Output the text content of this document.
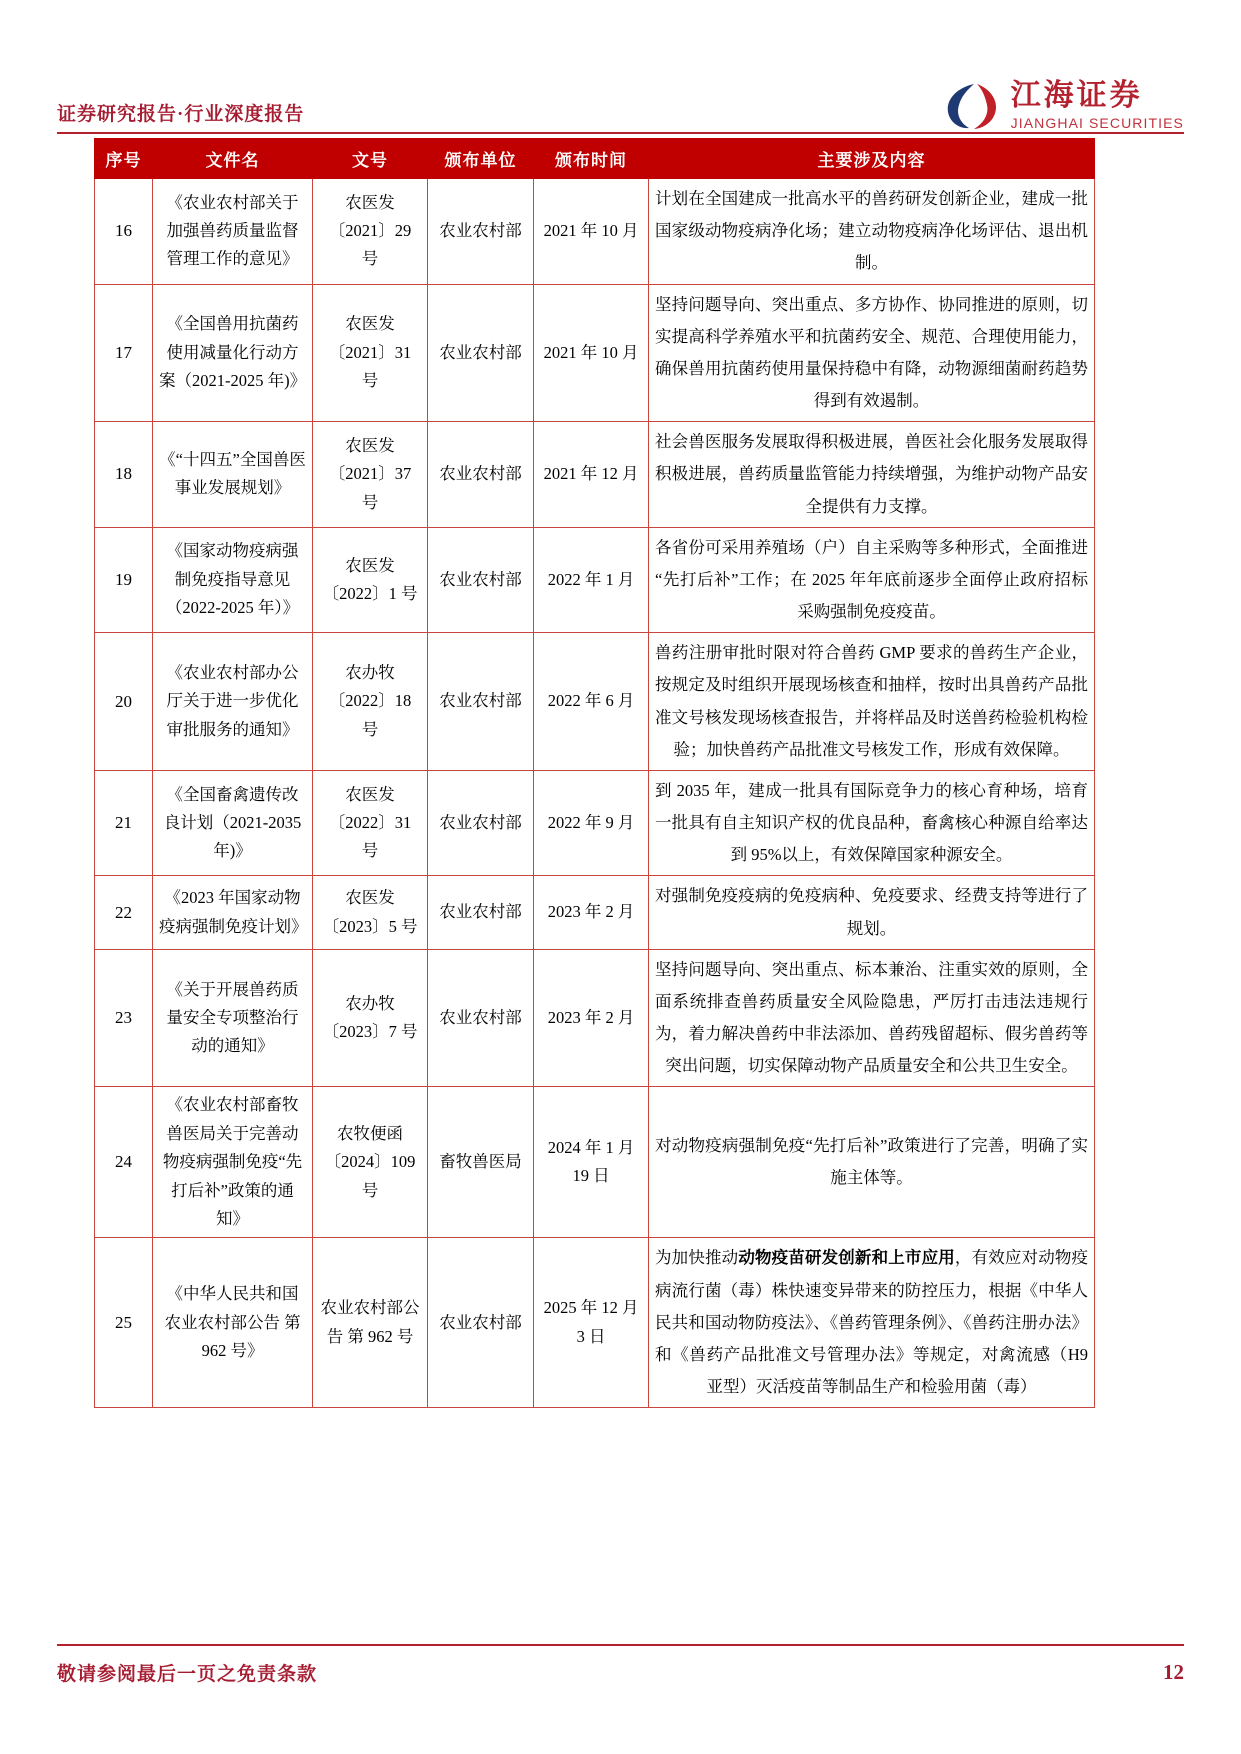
证券研究报告·行业深度报告
江海证券
JIANGHAI SECURITIES
序号	文件名	文号	颁布单位	颁布时间	主要涉及内容
16	《农业农村部关于加强兽药质量监督管理工作的意见》	农医发〔2021〕29 号	农业农村部	2021 年 10 月	计划在全国建成一批高水平的兽药研发创新企业，建成一批国家级动物疫病净化场；建立动物疫病净化场评估、退出机制。
17	《全国兽用抗菌药使用减量化行动方案（2021-2025 年)》	农医发〔2021〕31 号	农业农村部	2021 年 10 月	坚持问题导向、突出重点、多方协作、协同推进的原则，切实提高科学养殖水平和抗菌药安全、规范、合理使用能力，确保兽用抗菌药使用量保持稳中有降，动物源细菌耐药趋势得到有效遏制。
18	《“十四五”全国兽医事业发展规划》	农医发〔2021〕37 号	农业农村部	2021 年 12 月	社会兽医服务发展取得积极进展，兽医社会化服务发展取得积极进展，兽药质量监管能力持续增强，为维护动物产品安全提供有力支撑。
19	《国家动物疫病强制免疫指导意见（2022-2025 年）》	农医发〔2022〕1 号	农业农村部	2022 年 1 月	各省份可采用养殖场（户）自主采购等多种形式，全面推进“先打后补”工作；在 2025 年年底前逐步全面停止政府招标采购强制免疫疫苗。
20	《农业农村部办公厅关于进一步优化审批服务的通知》	农办牧〔2022〕18 号	农业农村部	2022 年 6 月	兽药注册审批时限对符合兽药 GMP 要求的兽药生产企业，按规定及时组织开展现场核查和抽样，按时出具兽药产品批准文号核发现场核查报告，并将样品及时送兽药检验机构检验；加快兽药产品批准文号核发工作，形成有效保障。
21	《全国畜禽遗传改良计划（2021-2035 年)》	农医发〔2022〕31 号	农业农村部	2022 年 9 月	到 2035 年，建成一批具有国际竞争力的核心育种场，培育一批具有自主知识产权的优良品种，畜禽核心种源自给率达到 95%以上，有效保障国家种源安全。
22	《2023 年国家动物疫病强制免疫计划》	农医发〔2023〕5 号	农业农村部	2023 年 2 月	对强制免疫疫病的免疫病种、免疫要求、经费支持等进行了规划。
23	《关于开展兽药质量安全专项整治行动的通知》	农办牧〔2023〕7 号	农业农村部	2023 年 2 月	坚持问题导向、突出重点、标本兼治、注重实效的原则，全面系统排查兽药质量安全风险隐患，严厉打击违法违规行为，着力解决兽药中非法添加、兽药残留超标、假劣兽药等突出问题，切实保障动物产品质量安全和公共卫生安全。
24	《农业农村部畜牧兽医局关于完善动物疫病强制免疫“先打后补”政策的通知》	农牧便函〔2024〕109 号	畜牧兽医局	2024 年 1 月 19 日	对动物疫病强制免疫“先打后补”政策进行了完善，明确了实施主体等。
25	《中华人民共和国农业农村部公告 第 962 号》	农业农村部公告 第 962 号	农业农村部	2025 年 12 月 3 日	为加快推动动物疫苗研发创新和上市应用，有效应对动物疫病流行菌（毒）株快速变异带来的防控压力，根据《中华人民共和国动物防疫法》、《兽药管理条例》、《兽药注册办法》和《兽药产品批准文号管理办法》等规定，对禽流感（H9 亚型）灭活疫苗等制品生产和检验用菌（毒）
敬请参阅最后一页之免责条款	12
